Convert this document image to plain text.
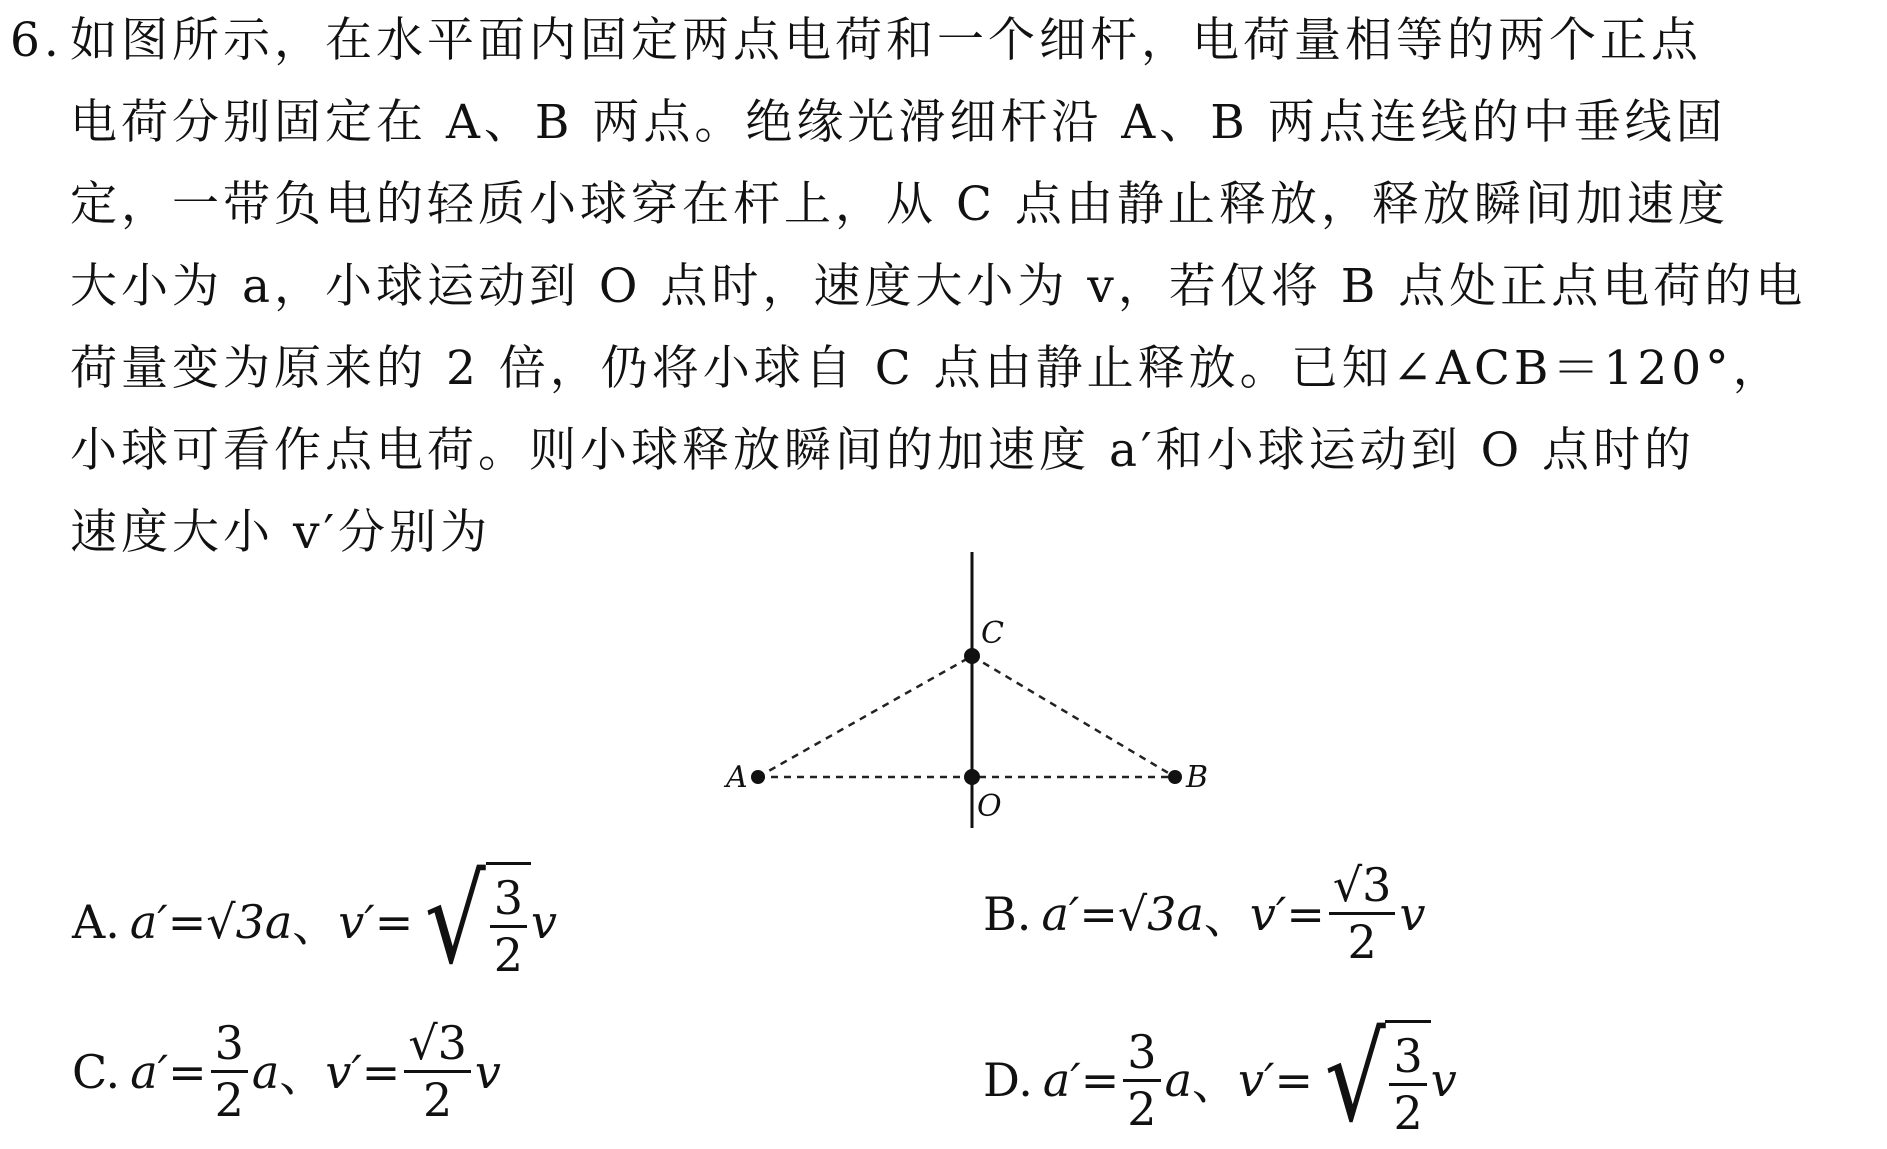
6. 如图所示，在水平面内固定两点电荷和一个细杆，电荷量相等的两个正点
电荷分别固定在 A、B 两点。绝缘光滑细杆沿 A、B 两点连线的中垂线固
定，一带负电的轻质小球穿在杆上，从 C 点由静止释放，释放瞬间加速度
大小为 a，小球运动到 O 点时，速度大小为 v，若仅将 B 点处正点电荷的电
荷量变为原来的 2 倍，仍将小球自 C 点由静止释放。已知∠ACB＝120°，
小球可看作点电荷。则小球释放瞬间的加速度 a′和小球运动到 O 点时的
速度大小 v′分别为
A	B
C
O
A. a′ = √3a 、 v′ = √ $\frac{3}{2}$ v	B. a′ = √3a 、 $v' = \frac{√3}{2}$ v
C. $a' = \frac{3}{2}$ a 、 $v' = \frac{√3}{2}$ v	D. $a' = \frac{3}{2}$ a 、 v′ = √ $\frac{3}{2}$ v
